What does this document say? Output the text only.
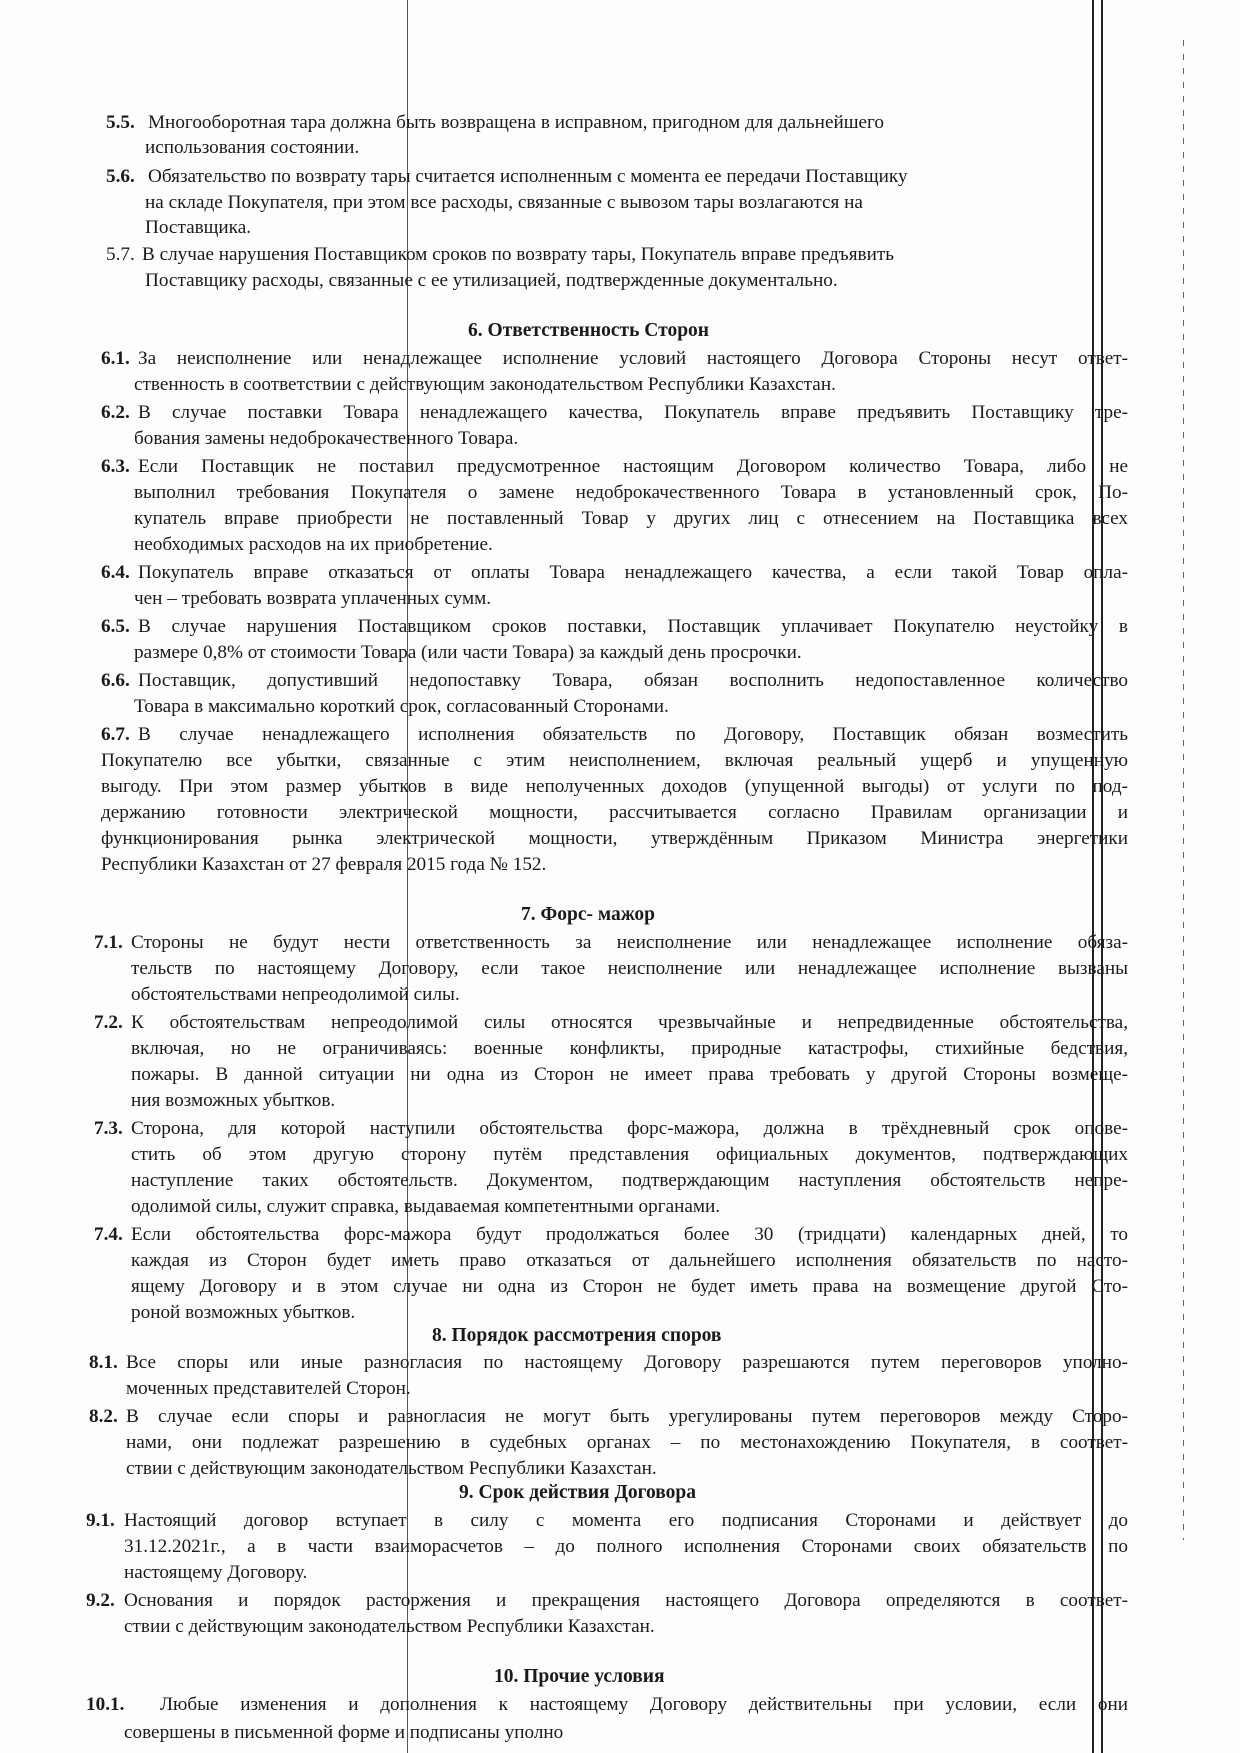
5.5. Многооборотная тара должна быть возвращена в исправном, пригодном для дальнейшего
использования состоянии.
5.6. Обязательство по возврату тары считается исполненным с момента ее передачи Поставщику
на складе Покупателя, при этом все расходы, связанные с вывозом тары возлагаются на
Поставщика.
5.7. В случае нарушения Поставщиком сроков по возврату тары, Покупатель вправе предъявить
Поставщику расходы, связанные с ее утилизацией, подтвержденные документально.
6. Ответственность Сторон
6.1. За неисполнение или ненадлежащее исполнение условий настоящего Договора Стороны несут ответ-
ственность в соответствии с действующим законодательством Республики Казахстан.
6.2. В случае поставки Товара ненадлежащего качества, Покупатель вправе предъявить Поставщику тре-
бования замены недоброкачественного Товара.
6.3. Если Поставщик не поставил предусмотренное настоящим Договором количество Товара, либо не
выполнил требования Покупателя о замене недоброкачественного Товара в установленный срок, По-
купатель вправе приобрести не поставленный Товар у других лиц с отнесением на Поставщика всех
необходимых расходов на их приобретение.
6.4. Покупатель вправе отказаться от оплаты Товара ненадлежащего качества, а если такой Товар опла-
чен – требовать возврата уплаченных сумм.
6.5. В случае нарушения Поставщиком сроков поставки, Поставщик уплачивает Покупателю неустойку в
размере 0,8% от стоимости Товара (или части Товара) за каждый день просрочки.
6.6. Поставщик, допустивший недопоставку Товара, обязан восполнить недопоставленное количество
Товара в максимально короткий срок, согласованный Сторонами.
6.7. В случае ненадлежащего исполнения обязательств по Договору, Поставщик обязан возместить
Покупателю все убытки, связанные с этим неисполнением, включая реальный ущерб и упущенную
выгоду. При этом размер убытков в виде неполученных доходов (упущенной выгоды) от услуги по под-
держанию готовности электрической мощности, рассчитывается согласно Правилам организации и
функционирования рынка электрической мощности, утверждённым Приказом Министра энергетики
Республики Казахстан от 27 февраля 2015 года № 152.
7. Форс- мажор
7.1. Стороны не будут нести ответственность за неисполнение или ненадлежащее исполнение обяза-
тельств по настоящему Договору, если такое неисполнение или ненадлежащее исполнение вызваны
обстоятельствами непреодолимой силы.
7.2. К обстоятельствам непреодолимой силы относятся чрезвычайные и непредвиденные обстоятельства,
включая, но не ограничиваясь: военные конфликты, природные катастрофы, стихийные бедствия,
пожары. В данной ситуации ни одна из Сторон не имеет права требовать у другой Стороны возмеще-
ния возможных убытков.
7.3. Сторона, для которой наступили обстоятельства форс-мажора, должна в трёхдневный срок опове-
стить об этом другую сторону путём представления официальных документов, подтверждающих
наступление таких обстоятельств. Документом, подтверждающим наступления обстоятельств непре-
одолимой силы, служит справка, выдаваемая компетентными органами.
7.4. Если обстоятельства форс-мажора будут продолжаться более 30 (тридцати) календарных дней, то
каждая из Сторон будет иметь право отказаться от дальнейшего исполнения обязательств по насто-
ящему Договору и в этом случае ни одна из Сторон не будет иметь права на возмещение другой Сто-
роной возможных убытков.
8. Порядок рассмотрения споров
8.1. Все споры или иные разногласия по настоящему Договору разрешаются путем переговоров уполно-
моченных представителей Сторон.
8.2. В случае если споры и разногласия не могут быть урегулированы путем переговоров между Сторо-
нами, они подлежат разрешению в судебных органах – по местонахождению Покупателя, в соответ-
ствии с действующим законодательством Республики Казахстан.
9. Срок действия Договора
9.1. Настоящий договор вступает в силу с момента его подписания Сторонами и действует до
31.12.2021г., а в части взаиморасчетов – до полного исполнения Сторонами своих обязательств по
настоящему Договору.
9.2. Основания и порядок расторжения и прекращения настоящего Договора определяются в соответ-
ствии с действующим законодательством Республики Казахстан.
10. Прочие условия
10.1. Любые изменения и дополнения к настоящему Договору действительны при условии, если они
совершены в письменной форме и подписаны уполно
